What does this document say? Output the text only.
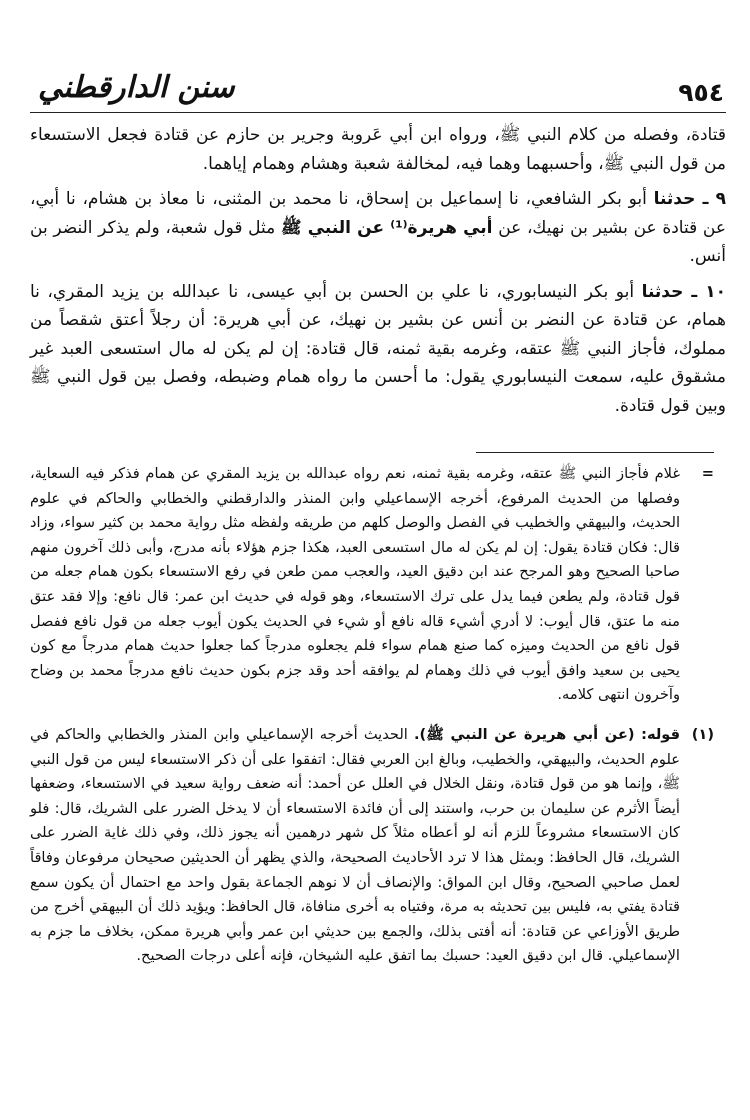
٩٥٤
سنن الدارقطني

قتادة، وفصله من كلام النبي ﷺ، ورواه ابن أبي عَروبة وجرير بن حازم عن قتادة فجعل الاستسعاء من قول النبي ﷺ، وأحسبهما وهما فيه، لمخالفة شعبة وهشام وهمام إياهما.

٩ ـ حدثنا أبو بكر الشافعي، نا إسماعيل بن إسحاق، نا محمد بن المثنى، نا معاذ بن هشام، نا أبي، عن قتادة عن بشير بن نهيك، عن أبي هريرة⁽¹⁾ عن النبي ﷺ مثل قول شعبة، ولم يذكر النضر بن أنس.

١٠ ـ حدثنا أبو بكر النيسابوري، نا علي بن الحسن بن أبي عيسى، نا عبدالله بن يزيد المقري، نا همام، عن قتادة عن النضر بن أنس عن بشير بن نهيك، عن أبي هريرة: أن رجلاً أعتق شقصاً من مملوك، فأجاز النبي ﷺ عتقه، وغرمه بقية ثمنه، قال قتادة: إن لم يكن له مال استسعى العبد غير مشقوق عليه، سمعت النيسابوري يقول: ما أحسن ما رواه همام وضبطه، وفصل بين قول النبي ﷺ وبين قول قتادة.

=
غلام فأجاز النبي ﷺ عتقه، وغرمه بقية ثمنه، نعم رواه عبدالله بن يزيد المقري عن همام فذكر فيه السعاية، وفصلها من الحديث المرفوع، أخرجه الإسماعيلي وابن المنذر والدارقطني والخطابي والحاكم في علوم الحديث، والبيهقي والخطيب في الفصل والوصل كلهم من طريقه ولفظه مثل رواية محمد بن كثير سواء، وزاد قال: فكان قتادة يقول: إن لم يكن له مال استسعى العبد، هكذا جزم هؤلاء بأنه مدرج، وأبى ذلك آخرون منهم صاحبا الصحيح وهو المرجح عند ابن دقيق العيد، والعجب ممن طعن في رفع الاستسعاء بكون همام جعله من قول قتادة، ولم يطعن فيما يدل على ترك الاستسعاء، وهو قوله في حديث ابن عمر: قال نافع: وإلا فقد عتق منه ما عتق، قال أيوب: لا أدري أشيء قاله نافع أو شيء في الحديث يكون أيوب جعله من قول نافع ففصل قول نافع من الحديث وميزه كما صنع همام سواء فلم يجعلوه مدرجاً كما جعلوا حديث همام مدرجاً مع كون يحيى بن سعيد وافق أيوب في ذلك وهمام لم يوافقه أحد وقد جزم بكون حديث نافع مدرجاً محمد بن وضاح وآخرون انتهى كلامه.
(١)
قوله: (عن أبي هريرة عن النبي ﷺ). الحديث أخرجه الإسماعيلي وابن المنذر والخطابي والحاكم في علوم الحديث، والبيهقي، والخطيب، وبالغ ابن العربي فقال: اتفقوا على أن ذكر الاستسعاء ليس من قول النبي ﷺ، وإنما هو من قول قتادة، ونقل الخلال في العلل عن أحمد: أنه ضعف رواية سعيد في الاستسعاء، وضعفها أيضاً الأثرم عن سليمان بن حرب، واستند إلى أن فائدة الاستسعاء أن لا يدخل الضرر على الشريك، قال: فلو كان الاستسعاء مشروعاً للزم أنه لو أعطاه مثلاً كل شهر درهمين أنه يجوز ذلك، وفي ذلك غاية الضرر على الشريك، قال الحافظ: وبمثل هذا لا ترد الأحاديث الصحيحة، والذي يظهر أن الحديثين صحيحان مرفوعان وفاقاً لعمل صاحبي الصحيح، وقال ابن المواق: والإنصاف أن لا نوهم الجماعة بقول واحد مع احتمال أن يكون سمع قتادة يفتي به، فليس بين تحديثه به مرة، وفتياه به أخرى منافاة، قال الحافظ: ويؤيد ذلك أن البيهقي أخرج من طريق الأوزاعي عن قتادة: أنه أفتى بذلك، والجمع بين حديثي ابن عمر وأبي هريرة ممكن، بخلاف ما جزم به الإسماعيلي. قال ابن دقيق العيد: حسبك بما اتفق عليه الشيخان، فإنه أعلى درجات الصحيح.
